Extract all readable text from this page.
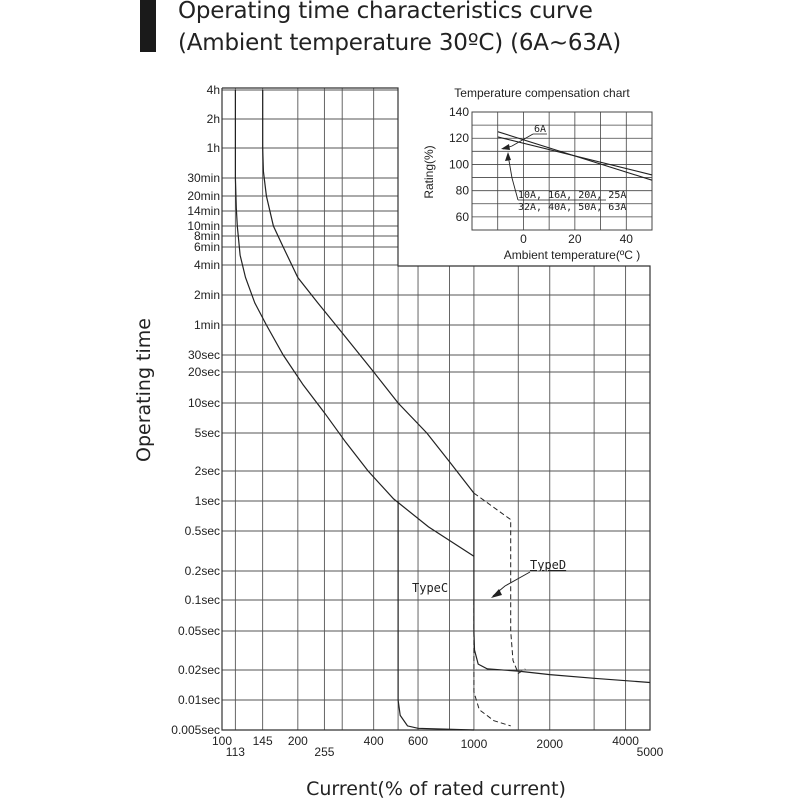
Operating time characteristics curve
(Ambient temperature 30ºC) (6A~63A)
4h
2h
1h
30min
20min
14min
10min
8min
6min
4min
2min
1min
30sec
20sec
10sec
5sec
2sec
1sec
0.5sec
0.2sec
0.1sec
0.05sec
0.02sec
0.01sec
0.005sec
100
113
145 200
255
400 600	1000	2000	4000
5000
Operating time
Current(% of rated current)
TypeC
TypeD
Temperature compensation chart
60
80
100
120
140
0	20	40
Rating(%)
Ambient temperature(ºC )
6A
10A, 16A, 20A, 25A
32A, 40A, 50A, 63A
